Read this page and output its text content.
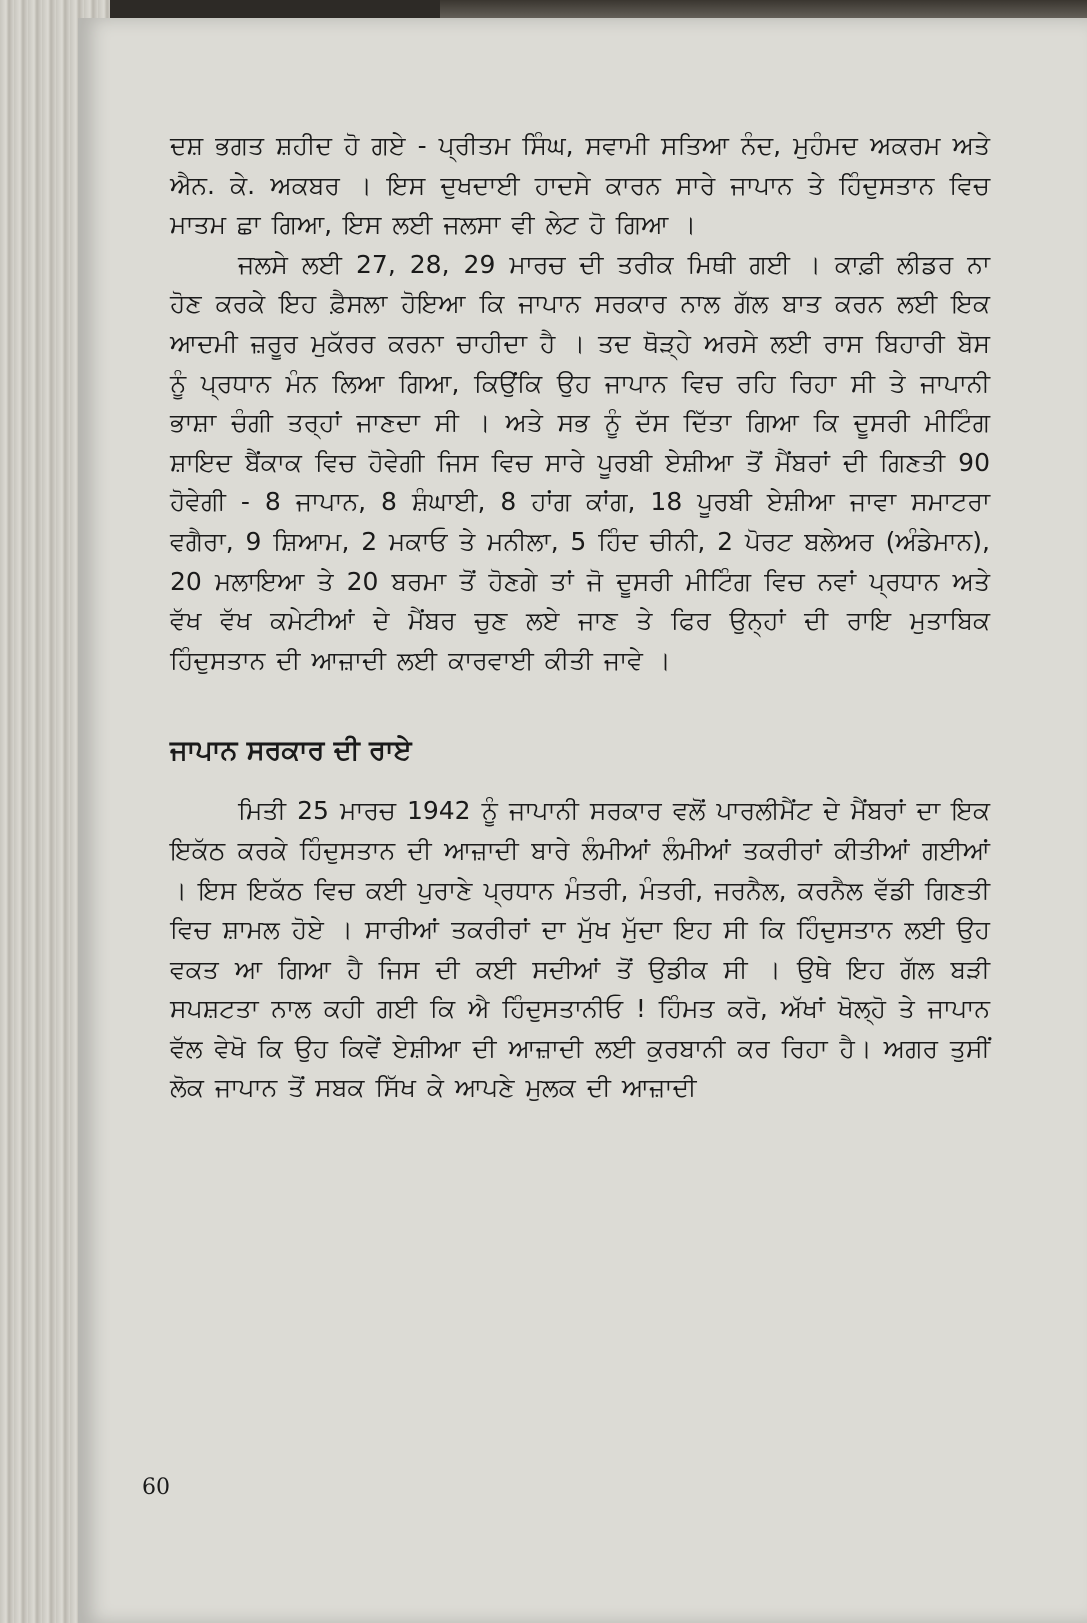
ਦਸ਼ ਭਗਤ ਸ਼ਹੀਦ ਹੋ ਗਏ - ਪ੍ਰੀਤਮ ਸਿੰਘ, ਸਵਾਮੀ ਸਤਿਆ ਨੰਦ, ਮੁਹੰਮਦ ਅਕਰਮ ਅਤੇ ਐਨ. ਕੇ. ਅਕਬਰ । ਇਸ ਦੁਖਦਾਈ ਹਾਦਸੇ ਕਾਰਨ ਸਾਰੇ ਜਾਪਾਨ ਤੇ ਹਿੰਦੁਸਤਾਨ ਵਿਚ ਮਾਤਮ ਛਾ ਗਿਆ, ਇਸ ਲਈ ਜਲਸਾ ਵੀ ਲੇਟ ਹੋ ਗਿਆ ।

ਜਲਸੇ ਲਈ 27, 28, 29 ਮਾਰਚ ਦੀ ਤਰੀਕ ਮਿਥੀ ਗਈ । ਕਾਫ਼ੀ ਲੀਡਰ ਨਾ ਹੋਣ ਕਰਕੇ ਇਹ ਫ਼ੈਸਲਾ ਹੋਇਆ ਕਿ ਜਾਪਾਨ ਸਰਕਾਰ ਨਾਲ ਗੱਲ ਬਾਤ ਕਰਨ ਲਈ ਇਕ ਆਦਮੀ ਜ਼ਰੂਰ ਮੁਕੱਰਰ ਕਰਨਾ ਚਾਹੀਦਾ ਹੈ । ਤਦ ਥੋੜ੍ਹੇ ਅਰਸੇ ਲਈ ਰਾਸ ਬਿਹਾਰੀ ਬੋਸ ਨੂੰ ਪ੍ਰਧਾਨ ਮੰਨ ਲਿਆ ਗਿਆ, ਕਿਉਂਕਿ ਉਹ ਜਾਪਾਨ ਵਿਚ ਰਹਿ ਰਿਹਾ ਸੀ ਤੇ ਜਾਪਾਨੀ ਭਾਸ਼ਾ ਚੰਗੀ ਤਰ੍ਹਾਂ ਜਾਣਦਾ ਸੀ । ਅਤੇ ਸਭ ਨੂੰ ਦੱਸ ਦਿੱਤਾ ਗਿਆ ਕਿ ਦੂਸਰੀ ਮੀਟਿੰਗ ਸ਼ਾਇਦ ਬੈਂਕਾਕ ਵਿਚ ਹੋਵੇਗੀ ਜਿਸ ਵਿਚ ਸਾਰੇ ਪੂਰਬੀ ਏਸ਼ੀਆ ਤੋਂ ਮੈਂਬਰਾਂ ਦੀ ਗਿਣਤੀ 90 ਹੋਵੇਗੀ - 8 ਜਾਪਾਨ, 8 ਸ਼ੰਘਾਈ, 8 ਹਾਂਗ ਕਾਂਗ, 18 ਪੂਰਬੀ ਏਸ਼ੀਆ ਜਾਵਾ ਸਮਾਟਰਾ ਵਗੈਰਾ, 9 ਸ਼ਿਆਮ, 2 ਮਕਾਓ ਤੇ ਮਨੀਲਾ, 5 ਹਿੰਦ ਚੀਨੀ, 2 ਪੋਰਟ ਬਲੇਅਰ (ਅੰਡੇਮਾਨ), 20 ਮਲਾਇਆ ਤੇ 20 ਬਰਮਾ ਤੋਂ ਹੋਣਗੇ ਤਾਂ ਜੋ ਦੂਸਰੀ ਮੀਟਿੰਗ ਵਿਚ ਨਵਾਂ ਪ੍ਰਧਾਨ ਅਤੇ ਵੱਖ ਵੱਖ ਕਮੇਟੀਆਂ ਦੇ ਮੈਂਬਰ ਚੁਣ ਲਏ ਜਾਣ ਤੇ ਫਿਰ ਉਨ੍ਹਾਂ ਦੀ ਰਾਇ ਮੁਤਾਬਿਕ ਹਿੰਦੁਸਤਾਨ ਦੀ ਆਜ਼ਾਦੀ ਲਈ ਕਾਰਵਾਈ ਕੀਤੀ ਜਾਵੇ ।

ਜਾਪਾਨ ਸਰਕਾਰ ਦੀ ਰਾਏ

ਮਿਤੀ 25 ਮਾਰਚ 1942 ਨੂੰ ਜਾਪਾਨੀ ਸਰਕਾਰ ਵਲੋਂ ਪਾਰਲੀਮੈਂਟ ਦੇ ਮੈਂਬਰਾਂ ਦਾ ਇਕ ਇਕੱਠ ਕਰਕੇ ਹਿੰਦੁਸਤਾਨ ਦੀ ਆਜ਼ਾਦੀ ਬਾਰੇ ਲੰਮੀਆਂ ਲੰਮੀਆਂ ਤਕਰੀਰਾਂ ਕੀਤੀਆਂ ਗਈਆਂ । ਇਸ ਇਕੱਠ ਵਿਚ ਕਈ ਪੁਰਾਣੇ ਪ੍ਰਧਾਨ ਮੰਤਰੀ, ਮੰਤਰੀ, ਜਰਨੈਲ, ਕਰਨੈਲ ਵੱਡੀ ਗਿਣਤੀ ਵਿਚ ਸ਼ਾਮਲ ਹੋਏ । ਸਾਰੀਆਂ ਤਕਰੀਰਾਂ ਦਾ ਮੁੱਖ ਮੁੱਦਾ ਇਹ ਸੀ ਕਿ ਹਿੰਦੁਸਤਾਨ ਲਈ ਉਹ ਵਕਤ ਆ ਗਿਆ ਹੈ ਜਿਸ ਦੀ ਕਈ ਸਦੀਆਂ ਤੋਂ ਉਡੀਕ ਸੀ । ਉਥੇ ਇਹ ਗੱਲ ਬੜੀ ਸਪਸ਼ਟਤਾ ਨਾਲ ਕਹੀ ਗਈ ਕਿ ਐ ਹਿੰਦੁਸਤਾਨੀਓ ! ਹਿੰਮਤ ਕਰੋ, ਅੱਖਾਂ ਖੋਲ੍ਹੋ ਤੇ ਜਾਪਾਨ ਵੱਲ ਵੇਖੋ ਕਿ ਉਹ ਕਿਵੇਂ ਏਸ਼ੀਆ ਦੀ ਆਜ਼ਾਦੀ ਲਈ ਕੁਰਬਾਨੀ ਕਰ ਰਿਹਾ ਹੈ। ਅਗਰ ਤੁਸੀਂ ਲੋਕ ਜਾਪਾਨ ਤੋਂ ਸਬਕ ਸਿੱਖ ਕੇ ਆਪਣੇ ਮੁਲਕ ਦੀ ਆਜ਼ਾਦੀ

60
